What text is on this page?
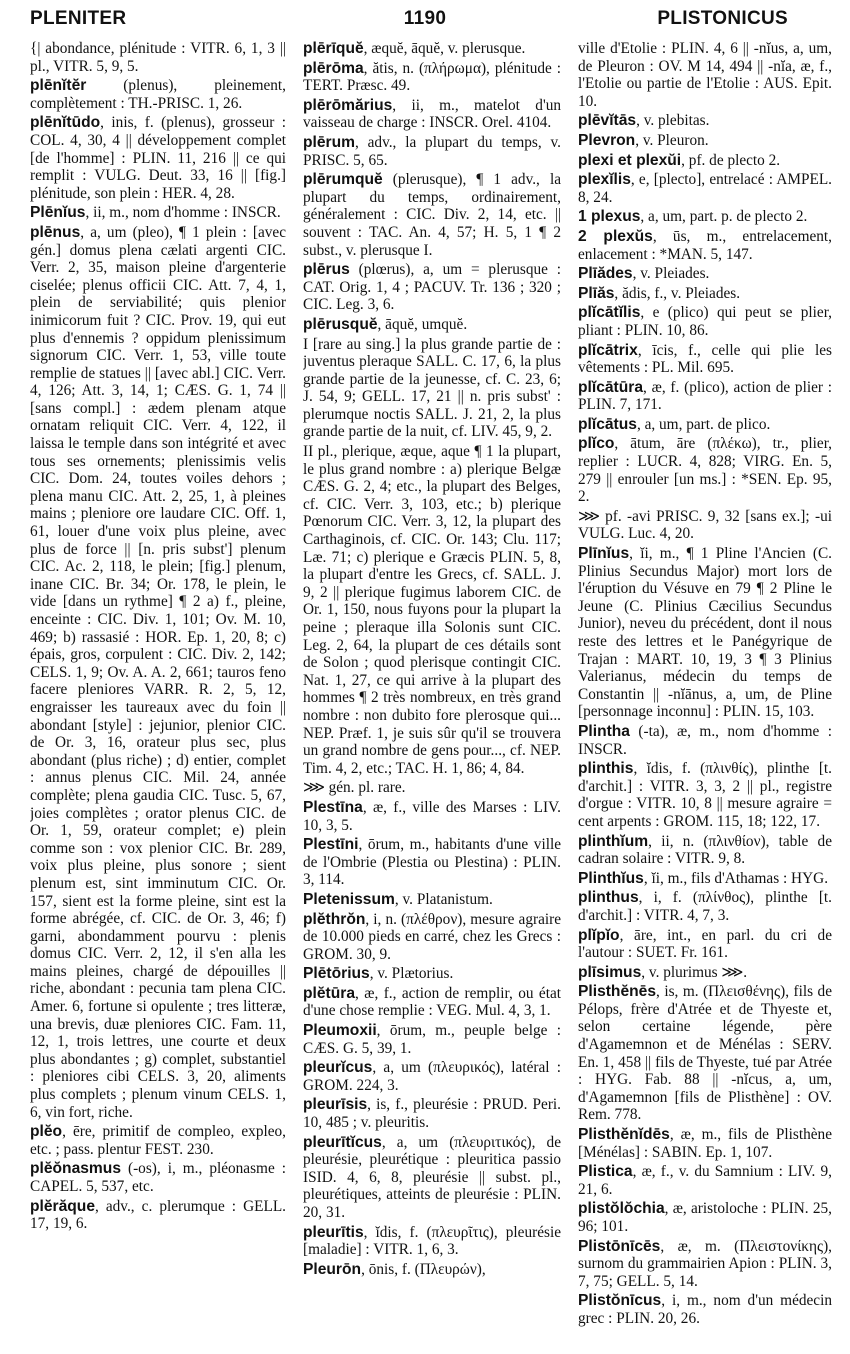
PLENITER	1190	PLISTONICUS

{| abondance, plénitude : VITR. 6, 1, 3 || pl., VITR. 5, 9, 5.

plēnĭtĕr (plenus), pleinement, complètement : TH.-PRISC. 1, 26.

plēnĭtūdo, inis, f. (plenus), grosseur : COL. 4, 30, 4 || développement complet [de l'homme] : PLIN. 11, 216 || ce qui remplit : VULG. Deut. 33, 16 || [fig.] plénitude, son plein : HER. 4, 28.

Plēnĭus, ii, m., nom d'homme : INSCR.

plēnus, a, um (pleo), ¶ 1 plein : [avec gén.] domus plena cælati argenti CIC. Verr. 2, 35, maison pleine d'argenterie ciselée; plenus officii CIC. Att. 7, 4, 1, plein de serviabilité; quis plenior inimicorum fuit ? CIC. Prov. 19, qui eut plus d'ennemis ? oppidum plenissimum signorum CIC. Verr. 1, 53, ville toute remplie de statues || [avec abl.] CIC. Verr. 4, 126; Att. 3, 14, 1; CÆS. G. 1, 74 || [sans compl.] : ædem plenam atque ornatam reliquit CIC. Verr. 4, 122, il laissa le temple dans son intégrité et avec tous ses ornements; plenissimis velis CIC. Dom. 24, toutes voiles dehors ; plena manu CIC. Att. 2, 25, 1, à pleines mains ; pleniore ore laudare CIC. Off. 1, 61, louer d'une voix plus pleine, avec plus de force || [n. pris subst'] plenum CIC. Ac. 2, 118, le plein; [fig.] plenum, inane CIC. Br. 34; Or. 178, le plein, le vide [dans un rythme] ¶ 2 a) f., pleine, enceinte : CIC. Div. 1, 101; Ov. M. 10, 469; b) rassasié : HOR. Ep. 1, 20, 8; c) épais, gros, corpulent : CIC. Div. 2, 142; CELS. 1, 9; Ov. A. A. 2, 661; tauros feno facere pleniores VARR. R. 2, 5, 12, engraisser les taureaux avec du foin || abondant [style] : jejunior, plenior CIC. de Or. 3, 16, orateur plus sec, plus abondant (plus riche) ; d) entier, complet : annus plenus CIC. Mil. 24, année complète; plena gaudia CIC. Tusc. 5, 67, joies complètes ; orator plenus CIC. de Or. 1, 59, orateur complet; e) plein comme son : vox plenior CIC. Br. 289, voix plus pleine, plus sonore ; sient plenum est, sint imminutum CIC. Or. 157, sient est la forme pleine, sint est la forme abrégée, cf. CIC. de Or. 3, 46; f) garni, abondamment pourvu : plenis domus CIC. Verr. 2, 12, il s'en alla les mains pleines, chargé de dépouilles || riche, abondant : pecunia tam plena CIC. Amer. 6, fortune si opulente ; tres litteræ, una brevis, duæ pleniores CIC. Fam. 11, 12, 1, trois lettres, une courte et deux plus abondantes ; g) complet, substantiel : pleniores cibi CELS. 3, 20, aliments plus complets ; plenum vinum CELS. 1, 6, vin fort, riche.

plĕo, ēre, primitif de compleo, expleo, etc. ; pass. plentur FEST. 230.

plĕŏnasmus (-os), i, m., pléonasme : CAPEL. 5, 537, etc.

plĕrăque, adv., c. plerumque : GELL. 17, 19, 6.

plērīquĕ, æquĕ, āquĕ, v. plerusque.

plērōma, ătis, n. (πλήρωμα), plénitude : TERT. Præsc. 49.

plērōmărius, ii, m., matelot d'un vaisseau de charge : INSCR. Orel. 4104.

plērum, adv., la plupart du temps, v. PRISC. 5, 65.

plērumquĕ (plerusque), ¶ 1 adv., la plupart du temps, ordinairement, généralement : CIC. Div. 2, 14, etc. || souvent : TAC. An. 4, 57; H. 5, 1 ¶ 2 subst., v. plerusque I.

plērus (plœrus), a, um = plerusque : CAT. Orig. 1, 4 ; PACUV. Tr. 136 ; 320 ; CIC. Leg. 3, 6.

plērusquĕ, āquĕ, umquĕ.

I [rare au sing.] la plus grande partie de : juventus pleraque SALL. C. 17, 6, la plus grande partie de la jeunesse, cf. C. 23, 6; J. 54, 9; GELL. 17, 21 || n. pris subst' : plerumque noctis SALL. J. 21, 2, la plus grande partie de la nuit, cf. LIV. 45, 9, 2.

II pl., plerique, æque, aque ¶ 1 la plupart, le plus grand nombre : a) plerique Belgæ CÆS. G. 2, 4; etc., la plupart des Belges, cf. CIC. Verr. 3, 103, etc.; b) plerique Pœnorum CIC. Verr. 3, 12, la plupart des Carthaginois, cf. CIC. Or. 143; Clu. 117; Læ. 71; c) plerique e Græcis PLIN. 5, 8, la plupart d'entre les Grecs, cf. SALL. J. 9, 2 || plerique fugimus laborem CIC. de Or. 1, 150, nous fuyons pour la plupart la peine ; pleraque illa Solonis sunt CIC. Leg. 2, 64, la plupart de ces détails sont de Solon ; quod plerisque contingit CIC. Nat. 1, 27, ce qui arrive à la plupart des hommes ¶ 2 très nombreux, en très grand nombre : non dubito fore plerosque qui... NEP. Præf. 1, je suis sûr qu'il se trouvera un grand nombre de gens pour..., cf. NEP. Tim. 4, 2, etc.; TAC. H. 1, 86; 4, 84.

⋙ gén. pl. rare.

Plestīna, æ, f., ville des Marses : LIV. 10, 3, 5.

Plestīni, ōrum, m., habitants d'une ville de l'Ombrie (Plestia ou Plestina) : PLIN. 3, 114.

Pletenissum, v. Platanistum.

plĕthrŏn, i, n. (πλέθρον), mesure agraire de 10.000 pieds en carré, chez les Grecs : GROM. 30, 9.

Plētōrius, v. Plætorius.

plĕtūra, æ, f., action de remplir, ou état d'une chose remplie : VEG. Mul. 4, 3, 1.

Pleumoxii, ōrum, m., peuple belge : CÆS. G. 5, 39, 1.

pleurĭcus, a, um (πλευρικός), latéral : GROM. 224, 3.

pleurīsis, is, f., pleurésie : PRUD. Peri. 10, 485 ; v. pleuritis.

pleurītĭcus, a, um (πλευριτικός), de pleurésie, pleurétique : pleuritica passio ISID. 4, 6, 8, pleurésie || subst. pl., pleurétiques, atteints de pleurésie : PLIN. 20, 31.

pleurītis, ĭdis, f. (πλευρῖτις), pleurésie [maladie] : VITR. 1, 6, 3.

Pleurōn, ōnis, f. (Πλευρών),

ville d'Etolie : PLIN. 4, 6 || -nĭus, a, um, de Pleuron : OV. M 14, 494 || -nĭa, æ, f., l'Etolie ou partie de l'Etolie : AUS. Epit. 10.

plēvĭtās, v. plebitas.

Plevron, v. Pleuron.

plexi et plexŭi, pf. de plecto 2.

plexĭlis, e, [plecto], entrelacé : AMPEL. 8, 24.

1 plexus, a, um, part. p. de plecto 2.

2 plexŭs, ūs, m., entrelacement, enlacement : *MAN. 5, 147.

Plīădes, v. Pleiades.

Plīăs, ădis, f., v. Pleiades.

plĭcātĭlis, e (plico) qui peut se plier, pliant : PLIN. 10, 86.

plĭcātrix, īcis, f., celle qui plie les vêtements : PL. Mil. 695.

plĭcātūra, æ, f. (plico), action de plier : PLIN. 7, 171.

plĭcātus, a, um, part. de plico.

plĭco, ātum, āre (πλέκω), tr., plier, replier : LUCR. 4, 828; VIRG. En. 5, 279 || enrouler [un ms.] : *SEN. Ep. 95, 2.

⋙ pf. -avi PRISC. 9, 32 [sans ex.]; -ui VULG. Luc. 4, 20.

Plīnĭus, ĭi, m., ¶ 1 Pline l'Ancien (C. Plinius Secundus Major) mort lors de l'éruption du Vésuve en 79 ¶ 2 Pline le Jeune (C. Plinius Cæcilius Secundus Junior), neveu du précédent, dont il nous reste des lettres et le Panégyrique de Trajan : MART. 10, 19, 3 ¶ 3 Plinius Valerianus, médecin du temps de Constantin || -nĭānus, a, um, de Pline [personnage inconnu] : PLIN. 15, 103.

Plintha (-ta), æ, m., nom d'homme : INSCR.

plinthis, ĭdis, f. (πλινθίς), plinthe [t. d'archit.] : VITR. 3, 3, 2 || pl., registre d'orgue : VITR. 10, 8 || mesure agraire = cent arpents : GROM. 115, 18; 122, 17.

plinthĭum, ii, n. (πλινθίον), table de cadran solaire : VITR. 9, 8.

Plinthĭus, ĭi, m., fils d'Athamas : HYG.

plinthus, i, f. (πλίνθος), plinthe [t. d'archit.] : VITR. 4, 7, 3.

plĭpĭo, āre, int., en parl. du cri de l'autour : SUET. Fr. 161.

plīsimus, v. plurimus ⋙.

Plisthĕnēs, is, m. (Πλεισθένης), fils de Pélops, frère d'Atrée et de Thyeste et, selon certaine légende, père d'Agamemnon et de Ménélas : SERV. En. 1, 458 || fils de Thyeste, tué par Atrée : HYG. Fab. 88 || -nĭcus, a, um, d'Agamemnon [fils de Plisthène] : OV. Rem. 778.

Plisthĕnĭdēs, æ, m., fils de Plisthène [Ménélas] : SABIN. Ep. 1, 107.

Plistica, æ, f., v. du Samnium : LIV. 9, 21, 6.

plistŏlŏchia, æ, aristoloche : PLIN. 25, 96; 101.

Plistōnīcēs, æ, m. (Πλειστονίκης), surnom du grammairien Apion : PLIN. 3, 7, 75; GELL. 5, 14.

Plistŏnīcus, i, m., nom d'un médecin grec : PLIN. 20, 26.
